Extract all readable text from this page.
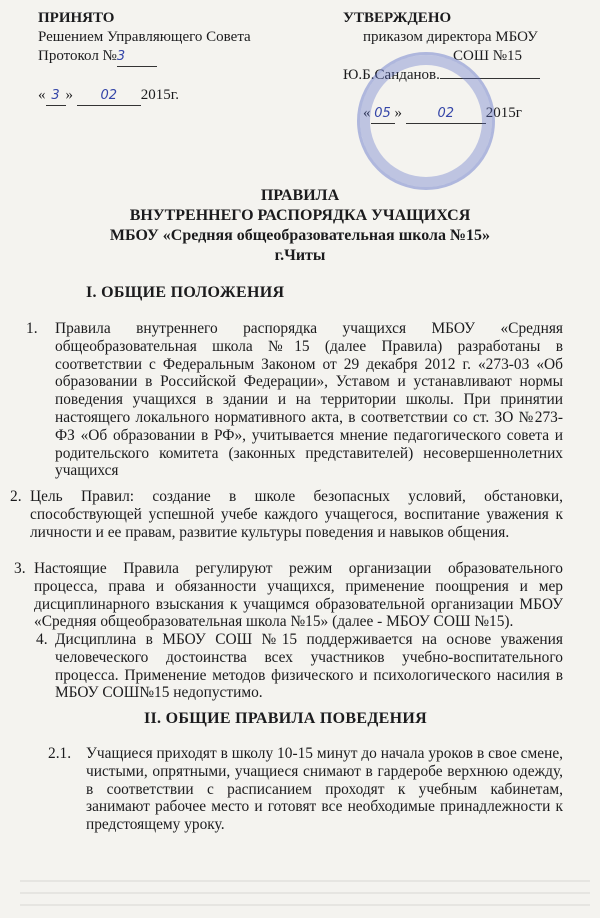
ПРИНЯТО
Решением Управляющего Совета
Протокол №3
« 3 » 02 2015г.
УТВЕРЖДЕНО
приказом директора МБОУ
СОШ №15
Ю.Б.Санданов.
« 05 »	02 2015г
ПРАВИЛА
ВНУТРЕННЕГО РАСПОРЯДКА УЧАЩИХСЯ
МБОУ «Средняя общеобразовательная школа №15»
г.Читы
I. ОБЩИЕ ПОЛОЖЕНИЯ
1. Правила внутреннего распорядка учащихся МБОУ «Средняя общеобразовательная школа №15 (далее Правила) разработаны в соответствии с Федеральным Законом от 29 декабря 2012 г. «273-03 «Об образовании в Российской Федерации», Уставом и устанавливают нормы поведения учащихся в здании и на территории школы. При принятии настоящего локального нормативного акта, в соответствии со ст. ЗО №273- ФЗ «Об образовании в РФ», учитывается мнение педагогического совета и родительского комитета (законных представителей) несовершеннолетних учащихся
2. Цель Правил: создание в школе безопасных условий, обстановки, способствующей успешной учебе каждого учащегося, воспитание уважения к личности и ее правам, развитие культуры поведения и навыков общения.
3. Настоящие Правила регулируют режим организации образовательного процесса, права и обязанности учащихся, применение поощрения и мер дисциплинарного взыскания к учащимся образовательной организации МБОУ «Средняя общеобразовательная школа №15» (далее - МБОУ СОШ №15).
4. Дисциплина в МБОУ СОШ №15 поддерживается на основе уважения человеческого достоинства всех участников учебно-воспитательного процесса. Применение методов физического и психологического насилия в МБОУ СОШ№15 недопустимо.
II. ОБЩИЕ ПРАВИЛА ПОВЕДЕНИЯ
2.1. Учащиеся приходят в школу 10-15 минут до начала уроков в свое смене, чистыми, опрятными, учащиеся снимают в гардеробе верхнюю одежду, в соответствии с расписанием проходят к учебным кабинетам, занимают рабочее место и готовят все необходимые принадлежности к предстоящему уроку.
